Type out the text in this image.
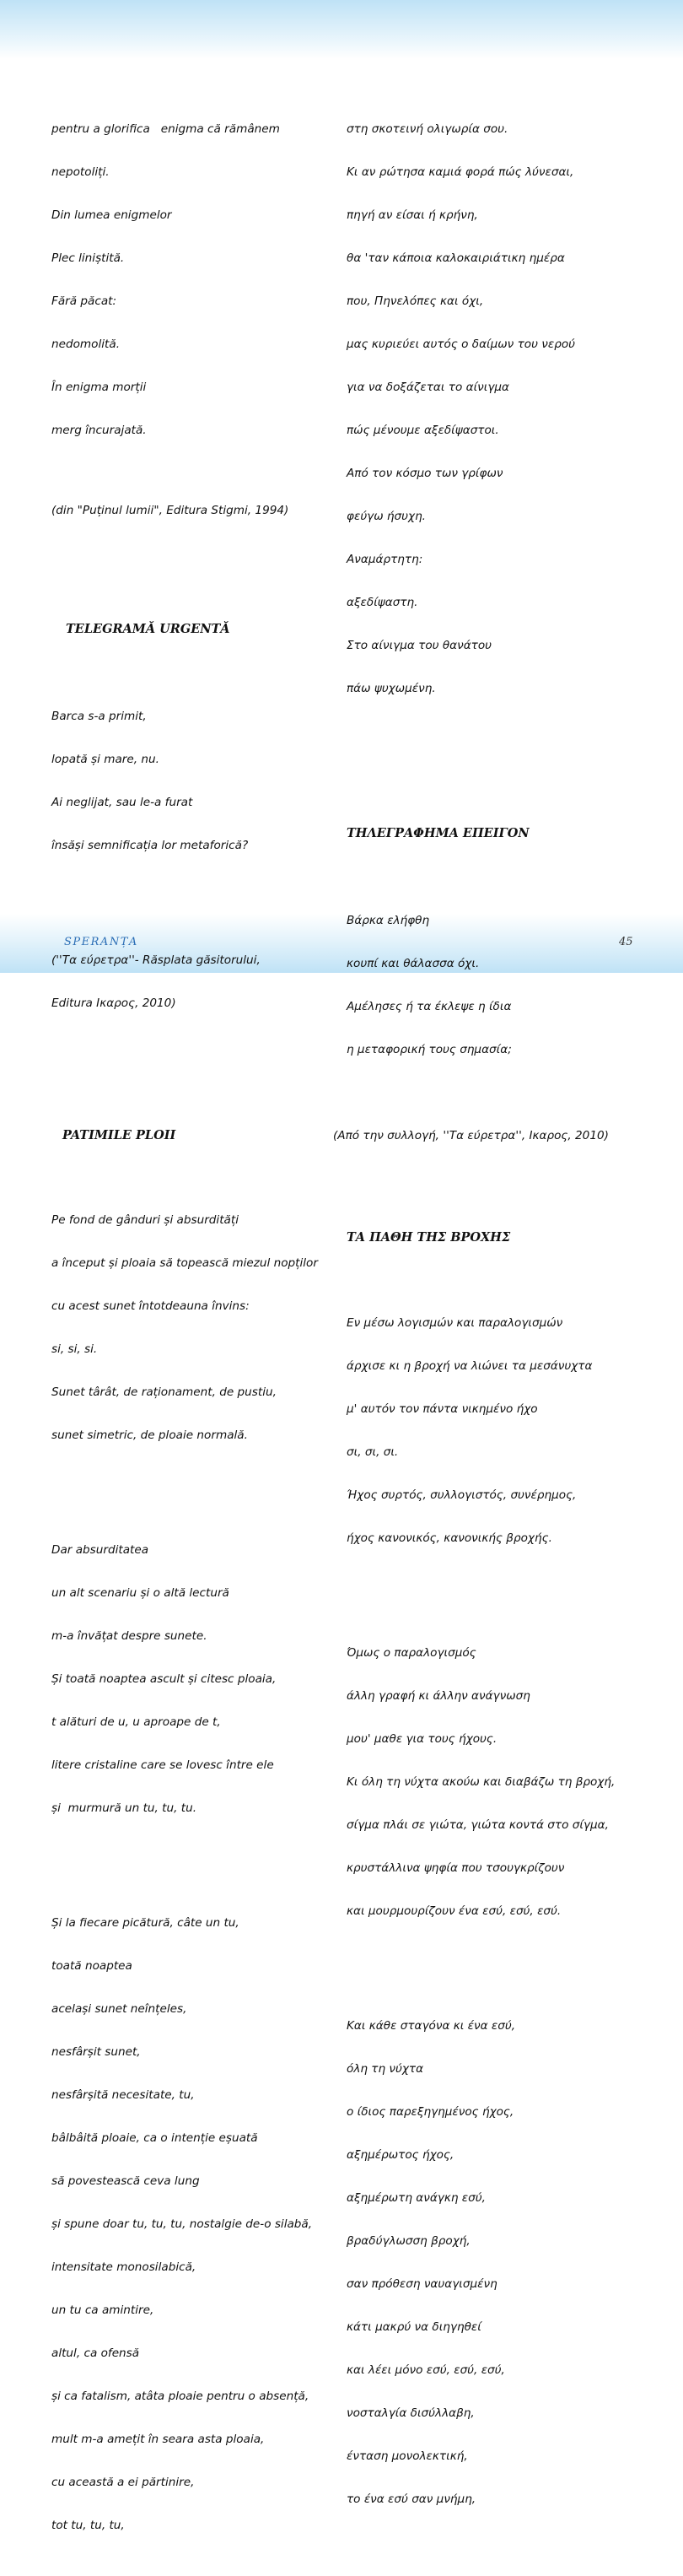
pentru a glorifica   enigma că rămânem

nepotoliți.

Din lumea enigmelor

Plec liniștită.

Fără păcat:

nedomolită.

În enigma morții

merg încurajată.

(din "Puținul lumii", Editura Stigmi, 1994)

TELEGRAMĂ URGENTĂ

Barca s-a primit,

lopată și mare, nu.

Ai neglijat, sau le-a furat

însăși semnificația lor metaforică?

(''Τα εύρετρα''- Răsplata găsitorului,

Editura Ικαρος, 2010)

PATIMILE PLOII

Pe fond de gânduri și absurdități

a început și ploaia să topească miezul nopților

cu acest sunet întotdeauna învins:

si, si, si.

Sunet târât, de raționament, de pustiu,

sunet simetric, de ploaie normală.

Dar absurditatea

un alt scenariu și o altă lectură

m-a învățat despre sunete.

Și toată noaptea ascult și citesc ploaia,

t alături de u, u aproape de t,

litere cristaline care se lovesc între ele

și  murmură un tu, tu, tu.

Și la fiecare picătură, câte un tu,

toată noaptea

același sunet neînțeles,

nesfârșit sunet,

nesfârșită necesitate, tu,

bâlbâită ploaie, ca o intenție eșuată

să povestească ceva lung

și spune doar tu, tu, tu, nostalgie de-o silabă,

intensitate monosilabică,

un tu ca amintire,

altul, ca ofensă

și ca fatalism, atâta ploaie pentru o absență,

mult m-a amețit în seara asta ploaia,

cu această a ei părtinire,

tot tu, tu, tu,

στη σκοτεινή ολιγωρία σου.

Κι αν ρώτησα καμιά φορά πώς λύνεσαι,

πηγή αν είσαι ή κρήνη,

θα 'ταν κάποια καλοκαιριάτικη ημέρα

που, Πηνελόπες και όχι,

μας κυριεύει αυτός ο δαίμων του νερού

για να δοξάζεται το αίνιγμα

πώς μένουμε αξεδίψαστοι.

Από τον κόσμο των γρίφων

φεύγω ήσυχη.

Αναμάρτητη:

αξεδίψαστη.

Στο αίνιγμα του θανάτου

πάω ψυχωμένη.

ΤΗΛΕΓΡΑΦΗΜΑ ΕΠΕΙΓΟΝ

Βάρκα ελήφθη

κουπί και θάλασσα όχι.

Αμέλησες ή τα έκλεψε η ίδια

η μεταφορική τους σημασία;

(Από την συλλογή, ''Τα εύρετρα'', Ικαρος, 2010)

ΤΑ ΠΑΘΗ ΤΗΣ ΒΡΟΧΗΣ

Εν μέσω λογισμών και παραλογισμών

άρχισε κι η βροχή να λιώνει τα μεσάνυχτα

μ' αυτόν τον πάντα νικημένο ήχο

σι, σι, σι.

Ήχος συρτός, συλλογιστός, συνέρημος,

ήχος κανονικός, κανονικής βροχής.

Όμως ο παραλογισμός

άλλη γραφή κι άλλην ανάγνωση

μου' μαθε για τους ήχους.

Κι όλη τη νύχτα ακούω και διαβάζω τη βροχή,

σίγμα πλάι σε γιώτα, γιώτα κοντά στο σίγμα,

κρυστάλλινα ψηφία που τσουγκρίζουν

και μουρμουρίζουν ένα εσύ, εσύ, εσύ.

Και κάθε σταγόνα κι ένα εσύ,

όλη τη νύχτα

ο ίδιος παρεξηγημένος ήχος,

αξημέρωτος ήχος,

αξημέρωτη ανάγκη εσύ,

βραδύγλωσση βροχή,

σαν πρόθεση ναυαγισμένη

κάτι μακρύ να διηγηθεί

και λέει μόνο εσύ, εσύ, εσύ,

νοσταλγία δισύλλαβη,

ένταση μονολεκτική,

το ένα εσύ σαν μνήμη,

SPERANȚA	45
